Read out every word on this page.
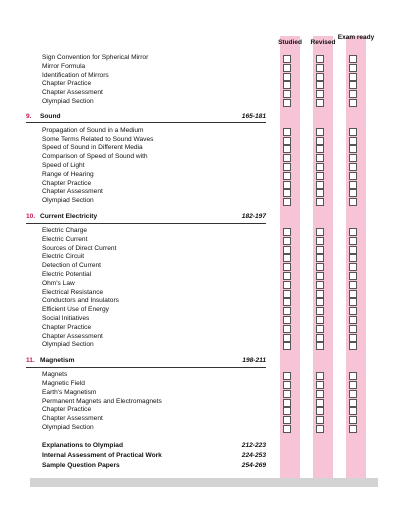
Studied	Revised
Exam ready
Sign Convention for Spherical Mirror
Mirror Formula
Identification of Mirrors
Chapter Practice
Chapter Assessment
Olympiad Section
9. Sound	165-181
Propagation of Sound in a Medium
Some Terms Related to Sound Waves
Speed of Sound in Different Media
Comparison of Speed of Sound with
Speed of Light
Range of Hearing
Chapter Practice
Chapter Assessment
Olympiad Section
10. Current Electricity	182-197
Electric Charge
Electric Current
Sources of Direct Current
Electric Circuit
Detection of Current
Electric Potential
Ohm's Law
Electrical Resistance
Conductors and Insulators
Efficient Use of Energy
Social Initiatives
Chapter Practice
Chapter Assessment
Olympiad Section
11. Magnetism	198-211
Magnets
Magnetic Field
Earth's Magnetism
Permanent Magnets and Electromagnets
Chapter Practice
Chapter Assessment
Olympiad Section
Explanations to Olympiad	212-223
Internal Assessment of Practical Work	224-253
Sample Question Papers	254-269
